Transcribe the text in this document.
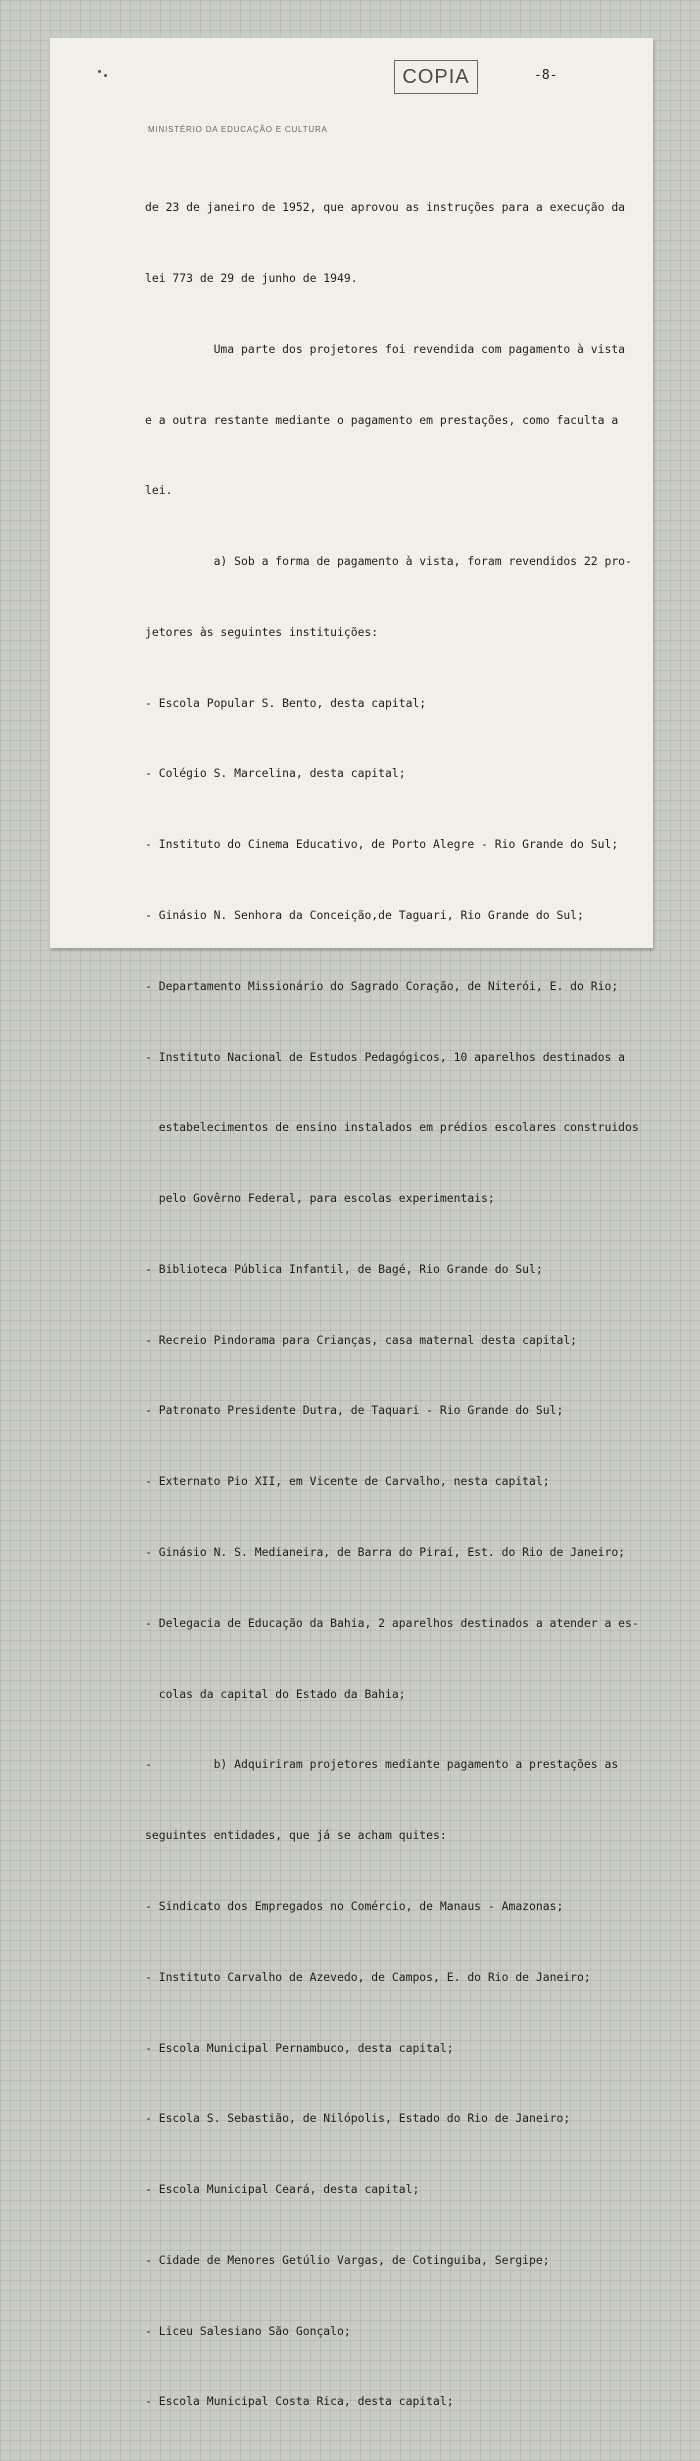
COPIA	-8-
MINISTÉRIO DA EDUCAÇÃO E CULTURA

de 23 de janeiro de 1952, que aprovou as instruções para a execução da

lei 773 de 29 de junho de 1949.

Uma parte dos projetores foi revendida com pagamento à vista

e a outra restante mediante o pagamento em prestações, como faculta a

lei.

a) Sob a forma de pagamento à vista, foram revendidos 22 pro-

jetores às seguintes instituições:

- Escola Popular S. Bento, desta capital;

- Colégio S. Marcelina, desta capital;

- Instituto do Cinema Educativo, de Porto Alegre - Rio Grande do Sul;

- Ginásio N. Senhora da Conceição,de Taguari, Rio Grande do Sul;

- Departamento Missionário do Sagrado Coração, de Niterói, E. do Rio;

- Instituto Nacional de Estudos Pedagógicos, 10 aparelhos destinados a

estabelecimentos de ensino instalados em prédios escolares construidos

pelo Govêrno Federal, para escolas experimentais;

- Biblioteca Pública Infantil, de Bagé, Rio Grande do Sul;

- Recreio Pindorama para Crianças, casa maternal desta capital;

- Patronato Presidente Dutra, de Taquari - Rio Grande do Sul;

- Externato Pio XII, em Vicente de Carvalho, nesta capital;

- Ginásio N. S. Medianeira, de Barra do Piraí, Est. do Rio de Janeiro;

- Delegacia de Educação da Bahia, 2 aparelhos destinados a atender a es-

colas da capital do Estado da Bahia;

-         b) Adquiriram projetores mediante pagamento a prestações as

seguintes entidades, que já se acham quites:

- Sindicato dos Empregados no Comércio, de Manaus - Amazonas;

- Instituto Carvalho de Azevedo, de Campos, E. do Rio de Janeiro;

- Escola Municipal Pernambuco, desta capital;

- Escola S. Sebastião, de Nilópolis, Estado do Rio de Janeiro;

- Escola Municipal Ceará, desta capital;

- Cidade de Menores Getúlio Vargas, de Cotinguiba, Sergipe;

- Liceu Salesiano São Gonçalo;

- Escola Municipal Costa Rica, desta capital;
